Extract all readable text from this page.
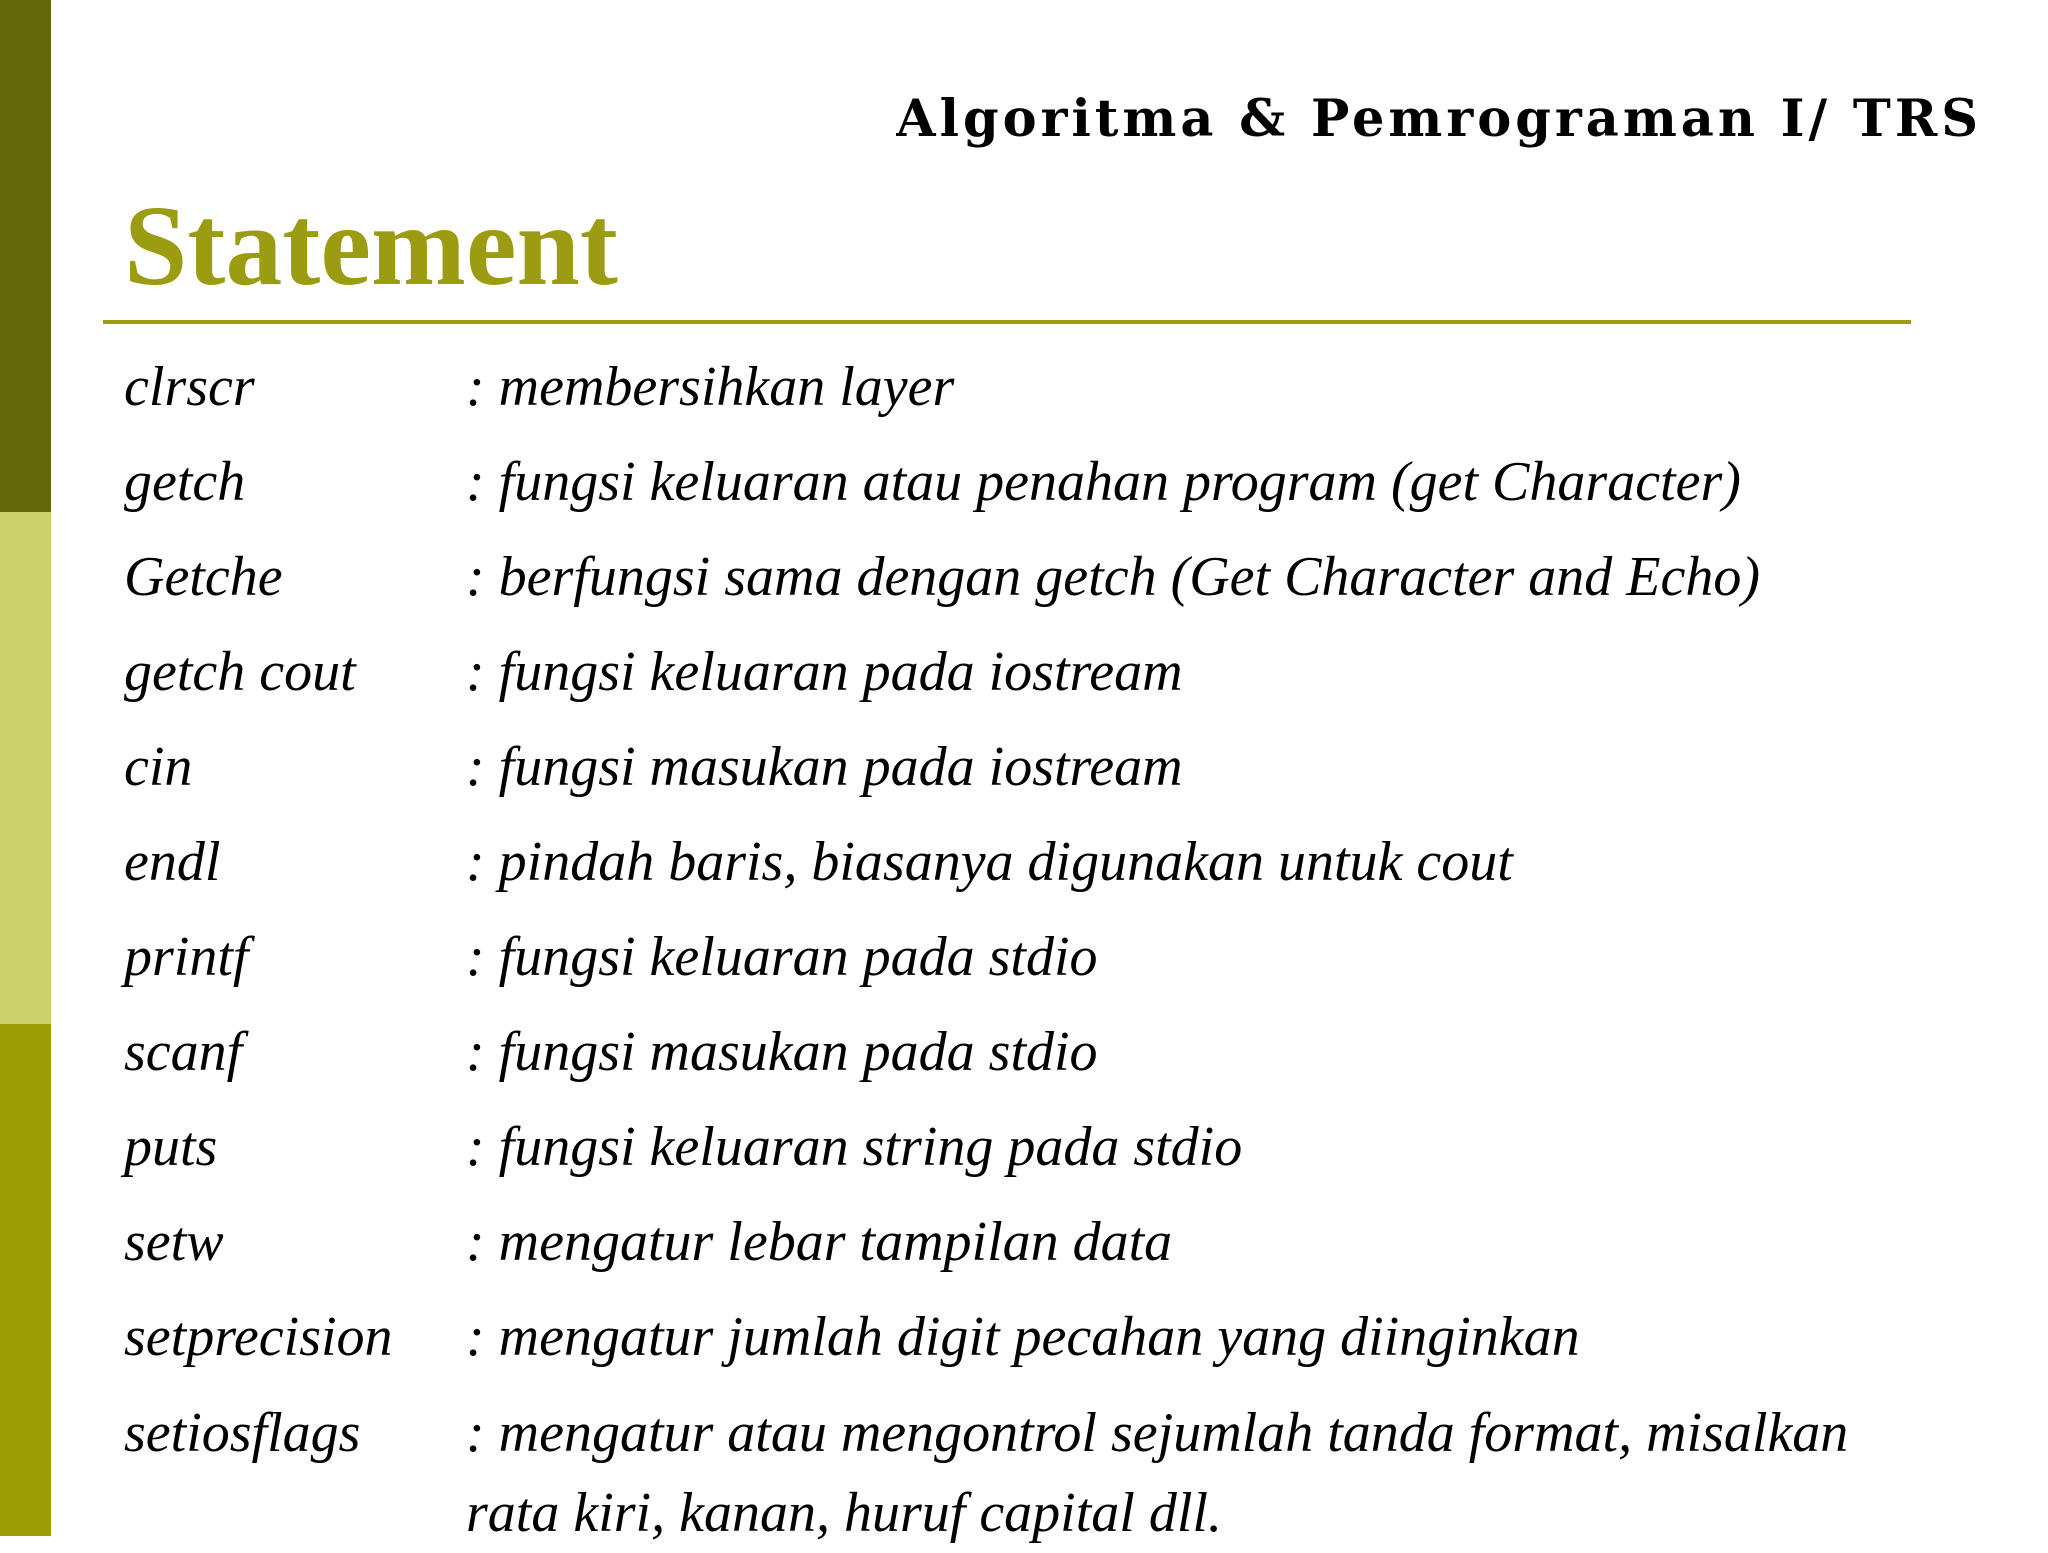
Algoritma & Pemrograman I/ TRS
Statement
clrscr	: membersihkan layer
getch	: fungsi keluaran atau penahan program (get Character)
Getche	: berfungsi sama dengan getch (Get Character and Echo)
getch cout	: fungsi keluaran pada iostream
cin	: fungsi masukan pada iostream
endl	: pindah baris, biasanya digunakan untuk cout
printf	: fungsi keluaran pada stdio
scanf	: fungsi masukan pada stdio
puts	: fungsi keluaran string pada stdio
setw	: mengatur lebar tampilan data
setprecision	: mengatur jumlah digit pecahan yang diinginkan
setiosflags	: mengatur atau mengontrol sejumlah tanda format, misalkan rata kiri, kanan, huruf capital dll.
